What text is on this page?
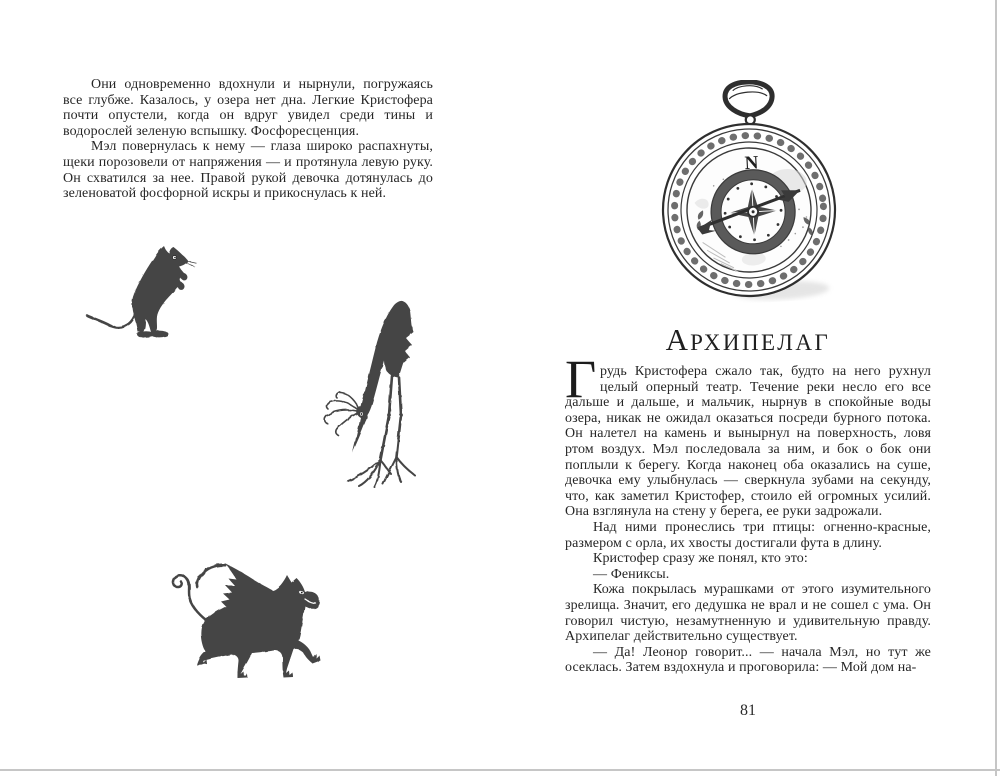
Они одновременно вдохнули и нырнули, погружаясь все глубже. Казалось, у озера нет дна. Легкие Кристофера почти опустели, когда он вдруг увидел среди тины и водорослей зеленую вспышку. Фосфоресценция.

Мэл повернулась к нему — глаза широко распахнуты, щеки порозовели от напряжения — и протянула левую руку. Он схватился за нее. Правой рукой девочка дотянулась до зеленоватой фосфорной искры и прикоснулась к ней.

N
АРХИПЕЛАГ

Г рудь Кристофера сжало так, будто на него рухнул целый оперный театр. Течение реки несло его все дальше и дальше, и мальчик, нырнув в спокойные воды озера, никак не ожидал оказаться посреди бурного потока. Он налетел на камень и вынырнул на поверхность, ловя ртом воздух. Мэл последовала за ним, и бок о бок они поплыли к берегу. Когда наконец оба оказались на суше, девочка ему улыбнулась — сверкнула зубами на секунду, что, как заметил Кристофер, стоило ей огромных усилий. Она взглянула на стену у берега, ее руки задрожали.

Над ними пронеслись три птицы: огненно-красные, размером с орла, их хвосты достигали фута в длину.

Кристофер сразу же понял, кто это:

— Фениксы.

Кожа покрылась мурашками от этого изумительного зрелища. Значит, его дедушка не врал и не сошел с ума. Он говорил чистую, незамутненную и удивительную правду. Архипелаг действительно существует.

— Да! Леонор говорит... — начала Мэл, но тут же осеклась. Затем вздохнула и проговорила: — Мой дом на-

81
